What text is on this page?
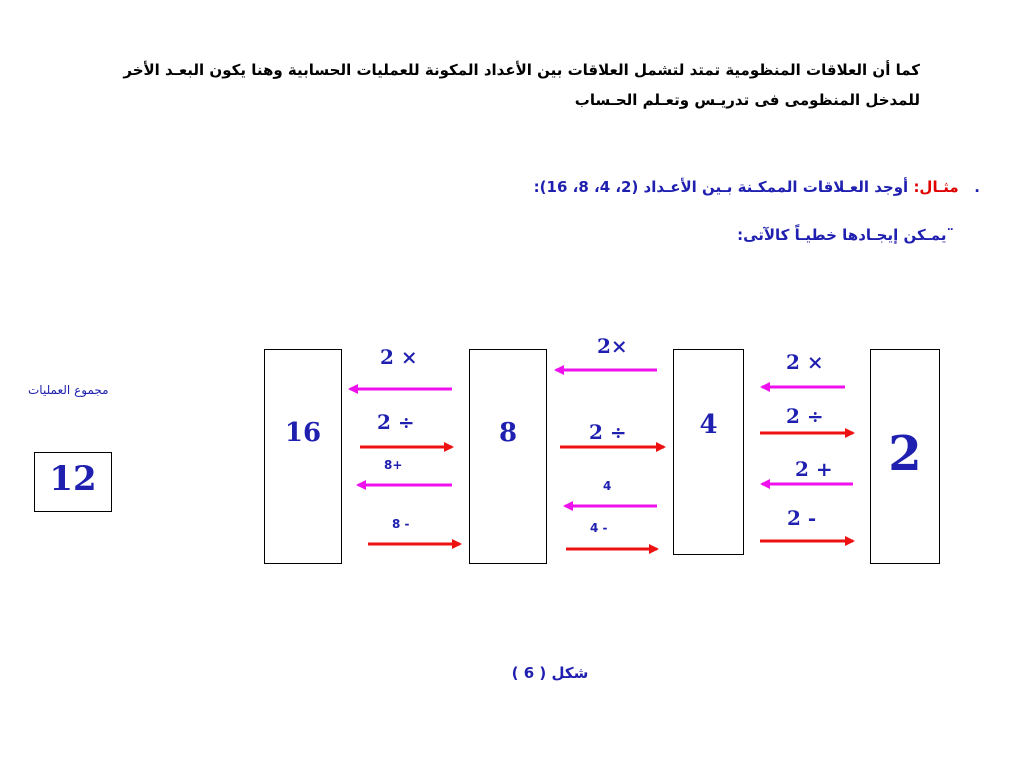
كما أن العلاقات المنظومية تمتد لتشمل العلاقات بين الأعداد المكونة للعمليات الحسابية وهنا يكون البعـد الأخر
للمدخل المنظومى فى تدريـس وتعـلم الحـساب
.   مثـال: أوجد العـلاقات الممكـنة بـين الأعـداد (2، 4، 8، 16):
¨يمـكن إيجـادها خطيـاً كالآتى:
16	8	4
2
2 ×
2 ÷
8+
8 -
2×
2 ÷
4
4 -
2 ×
2 ÷
2 +
2 -
مجموع العمليات
12
شكل ( 6 )
